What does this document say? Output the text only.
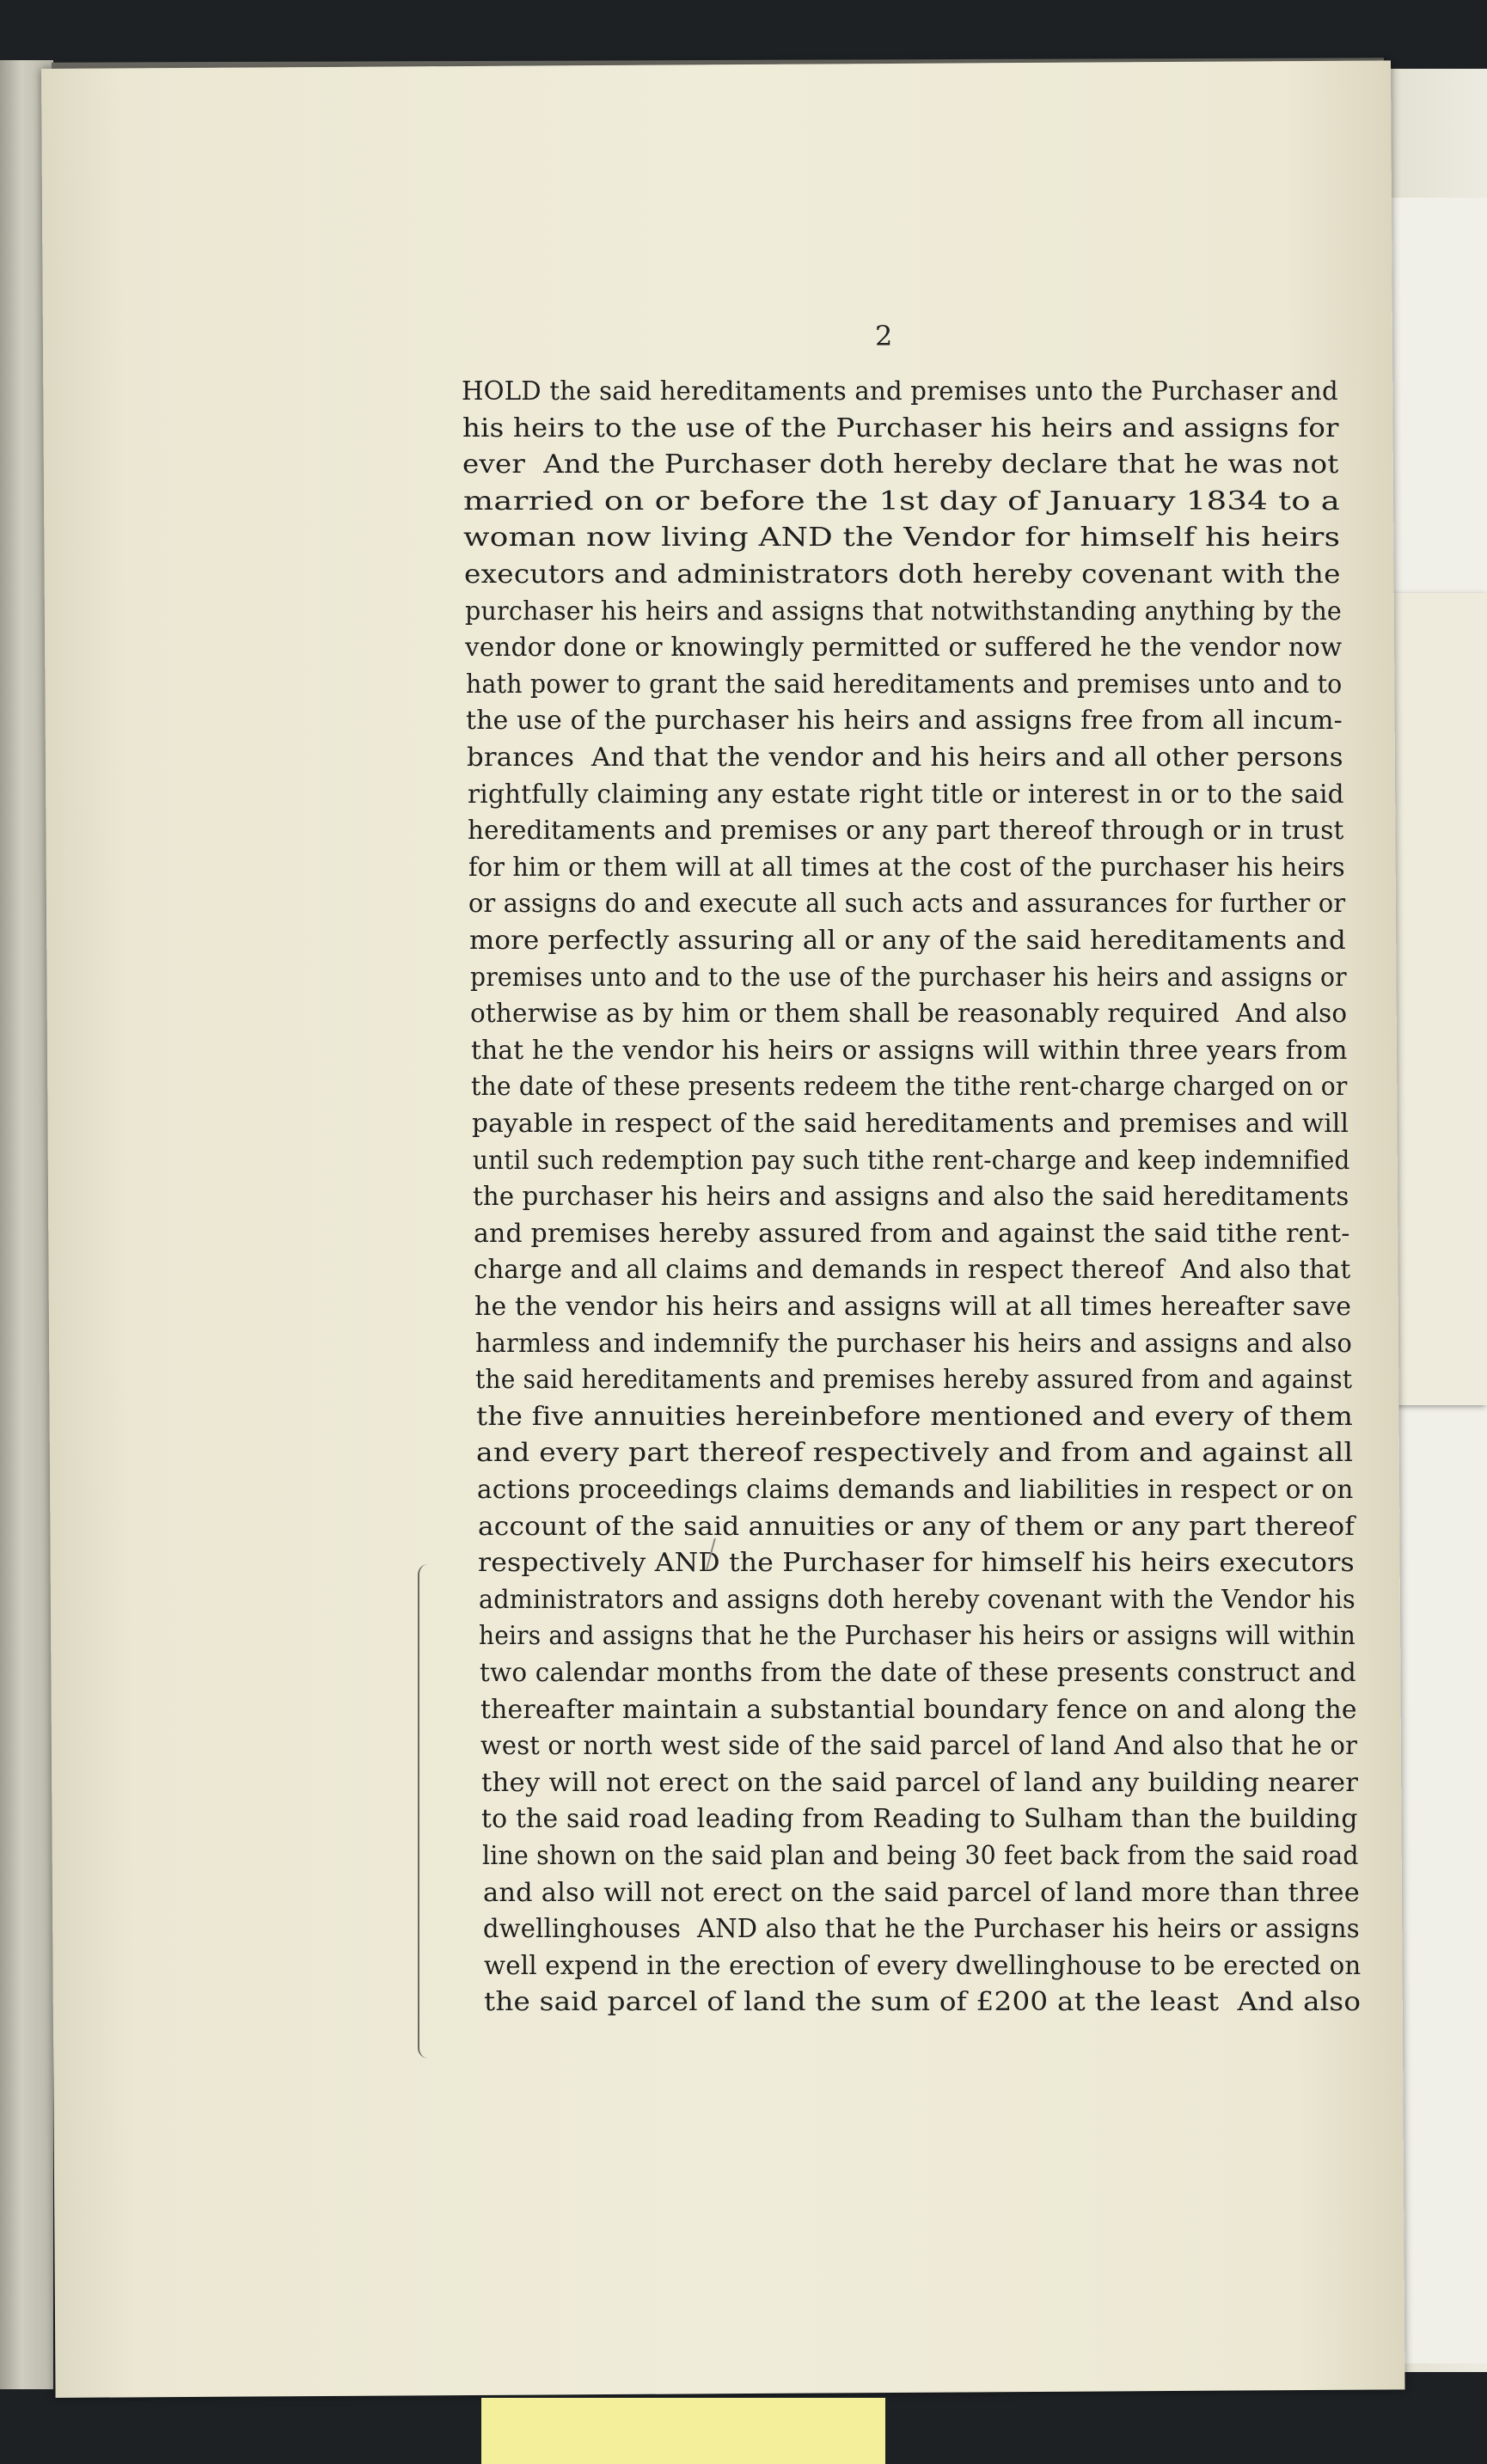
2
HOLD the said hereditaments and premises unto the Purchaser and
his heirs to the use of the Purchaser his heirs and assigns for
ever  And the Purchaser doth hereby declare that he was not
married on or before the 1st day of January 1834 to a
woman now living AND the Vendor for himself his heirs
executors and administrators doth hereby covenant with the
purchaser his heirs and assigns that notwithstanding anything by the
vendor done or knowingly permitted or suffered he the vendor now
hath power to grant the said hereditaments and premises unto and to
the use of the purchaser his heirs and assigns free from all incum-
brances  And that the vendor and his heirs and all other persons
rightfully claiming any estate right title or interest in or to the said
hereditaments and premises or any part thereof through or in trust
for him or them will at all times at the cost of the purchaser his heirs
or assigns do and execute all such acts and assurances for further or
more perfectly assuring all or any of the said hereditaments and
premises unto and to the use of the purchaser his heirs and assigns or
otherwise as by him or them shall be reasonably required  And also
that he the vendor his heirs or assigns will within three years from
the date of these presents redeem the tithe rent-charge charged on or
payable in respect of the said hereditaments and premises and will
until such redemption pay such tithe rent-charge and keep indemnified
the purchaser his heirs and assigns and also the said hereditaments
and premises hereby assured from and against the said tithe rent-
charge and all claims and demands in respect thereof  And also that
he the vendor his heirs and assigns will at all times hereafter save
harmless and indemnify the purchaser his heirs and assigns and also
the said hereditaments and premises hereby assured from and against
the five annuities hereinbefore mentioned and every of them
and every part thereof respectively and from and against all
actions proceedings claims demands and liabilities in respect or on
account of the said annuities or any of them or any part thereof
respectively AND the Purchaser for himself his heirs executors
administrators and assigns doth hereby covenant with the Vendor his
heirs and assigns that he the Purchaser his heirs or assigns will within
two calendar months from the date of these presents construct and
thereafter maintain a substantial boundary fence on and along the
west or north west side of the said parcel of land And also that he or
they will not erect on the said parcel of land any building nearer
to the said road leading from Reading to Sulham than the building
line shown on the said plan and being 30 feet back from the said road
and also will not erect on the said parcel of land more than three
dwellinghouses  AND also that he the Purchaser his heirs or assigns
well expend in the erection of every dwellinghouse to be erected on
the said parcel of land the sum of £200 at the least  And also
